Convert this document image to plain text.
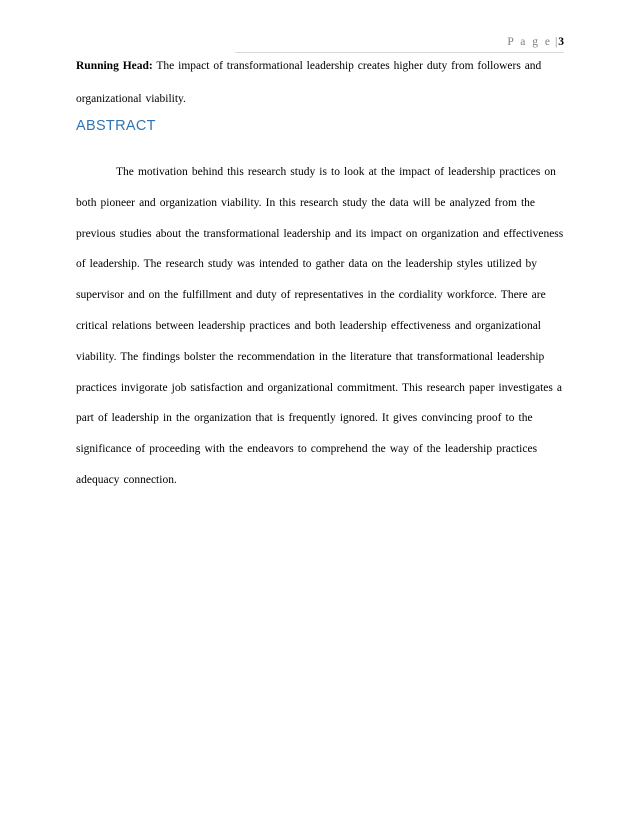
P a g e |3
Running Head: The impact of transformational leadership creates higher duty from followers and organizational viability.
ABSTRACT
The motivation behind this research study is to look at the impact of leadership practices on both pioneer and organization viability. In this research study the data will be analyzed from the previous studies about the transformational leadership and its impact on organization and effectiveness of leadership. The research study was intended to gather data on the leadership styles utilized by supervisor and on the fulfillment and duty of representatives in the cordiality workforce. There are critical relations between leadership practices and both leadership effectiveness and organizational viability. The findings bolster the recommendation in the literature that transformational leadership practices invigorate job satisfaction and organizational commitment. This research paper investigates a part of leadership in the organization that is frequently ignored. It gives convincing proof to the significance of proceeding with the endeavors to comprehend the way of the leadership practices adequacy connection.
